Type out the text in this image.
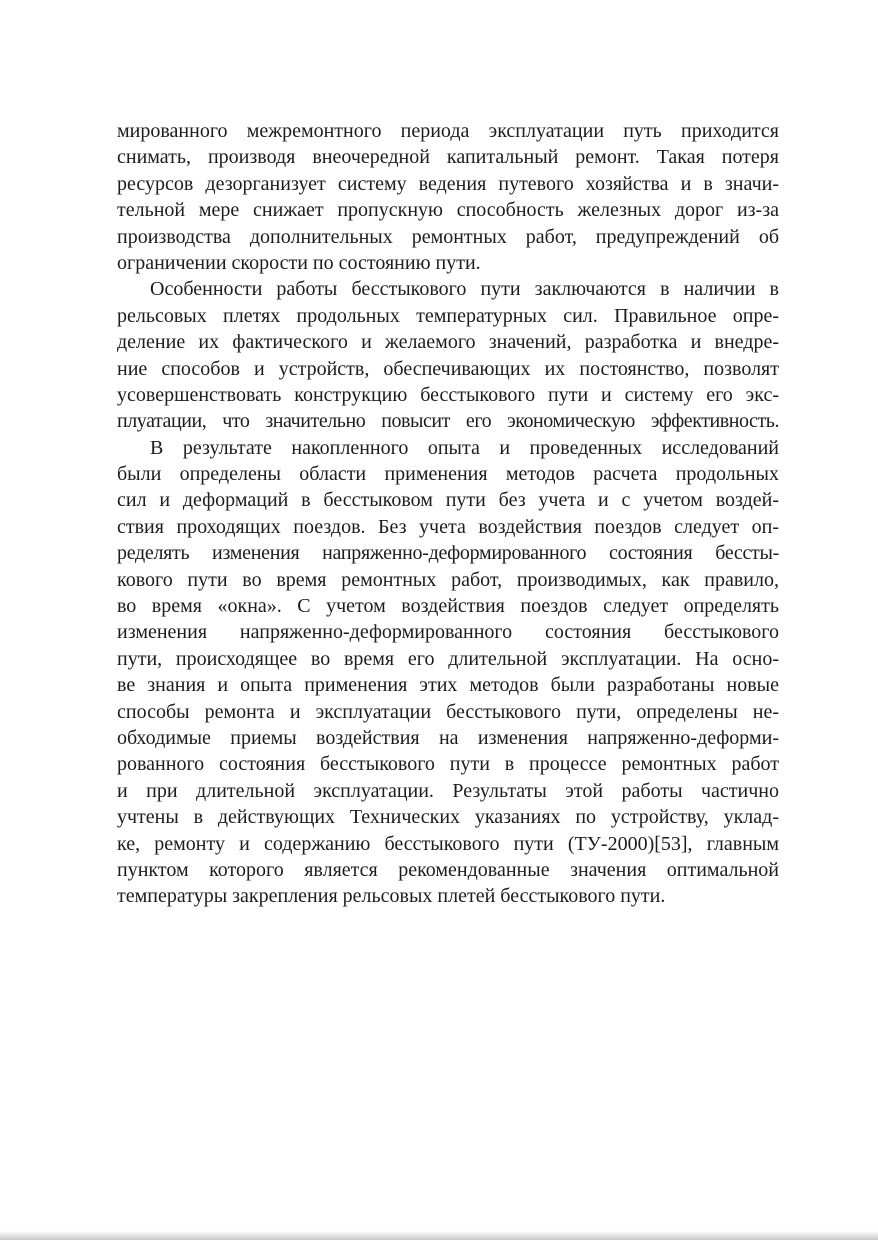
мированного межремонтного периода эксплуатации путь приходится
снимать, производя внеочередной капитальный ремонт. Такая потеря
ресурсов дезорганизует систему ведения путевого хозяйства и в значи-
тельной мере снижает пропускную способность железных дорог из-за
производства дополнительных ремонтных работ, предупреждений об
ограничении скорости по состоянию пути.
Особенности работы бесстыкового пути заключаются в наличии в
рельсовых плетях продольных температурных сил. Правильное опре-
деление их фактического и желаемого значений, разработка и внедре-
ние способов и устройств, обеспечивающих их постоянство, позволят
усовершенствовать конструкцию бесстыкового пути и систему его экс-
плуатации, что значительно повысит его экономическую эффективность.
В результате накопленного опыта и проведенных исследований
были определены области применения методов расчета продольных
сил и деформаций в бесстыковом пути без учета и с учетом воздей-
ствия проходящих поездов. Без учета воздействия поездов следует оп-
ределять изменения напряженно-деформированного состояния бессты-
кового пути во время ремонтных работ, производимых, как правило,
во время «окна». С учетом воздействия поездов следует определять
изменения напряженно-деформированного состояния бесстыкового
пути, происходящее во время его длительной эксплуатации. На осно-
ве знания и опыта применения этих методов были разработаны новые
способы ремонта и эксплуатации бесстыкового пути, определены не-
обходимые приемы воздействия на изменения напряженно-деформи-
рованного состояния бесстыкового пути в процессе ремонтных работ
и при длительной эксплуатации. Результаты этой работы частично
учтены в действующих Технических указаниях по устройству, уклад-
ке, ремонту и содержанию бесстыкового пути (ТУ-2000)[53], главным
пунктом которого является рекомендованные значения оптимальной
температуры закрепления рельсовых плетей бесстыкового пути.
